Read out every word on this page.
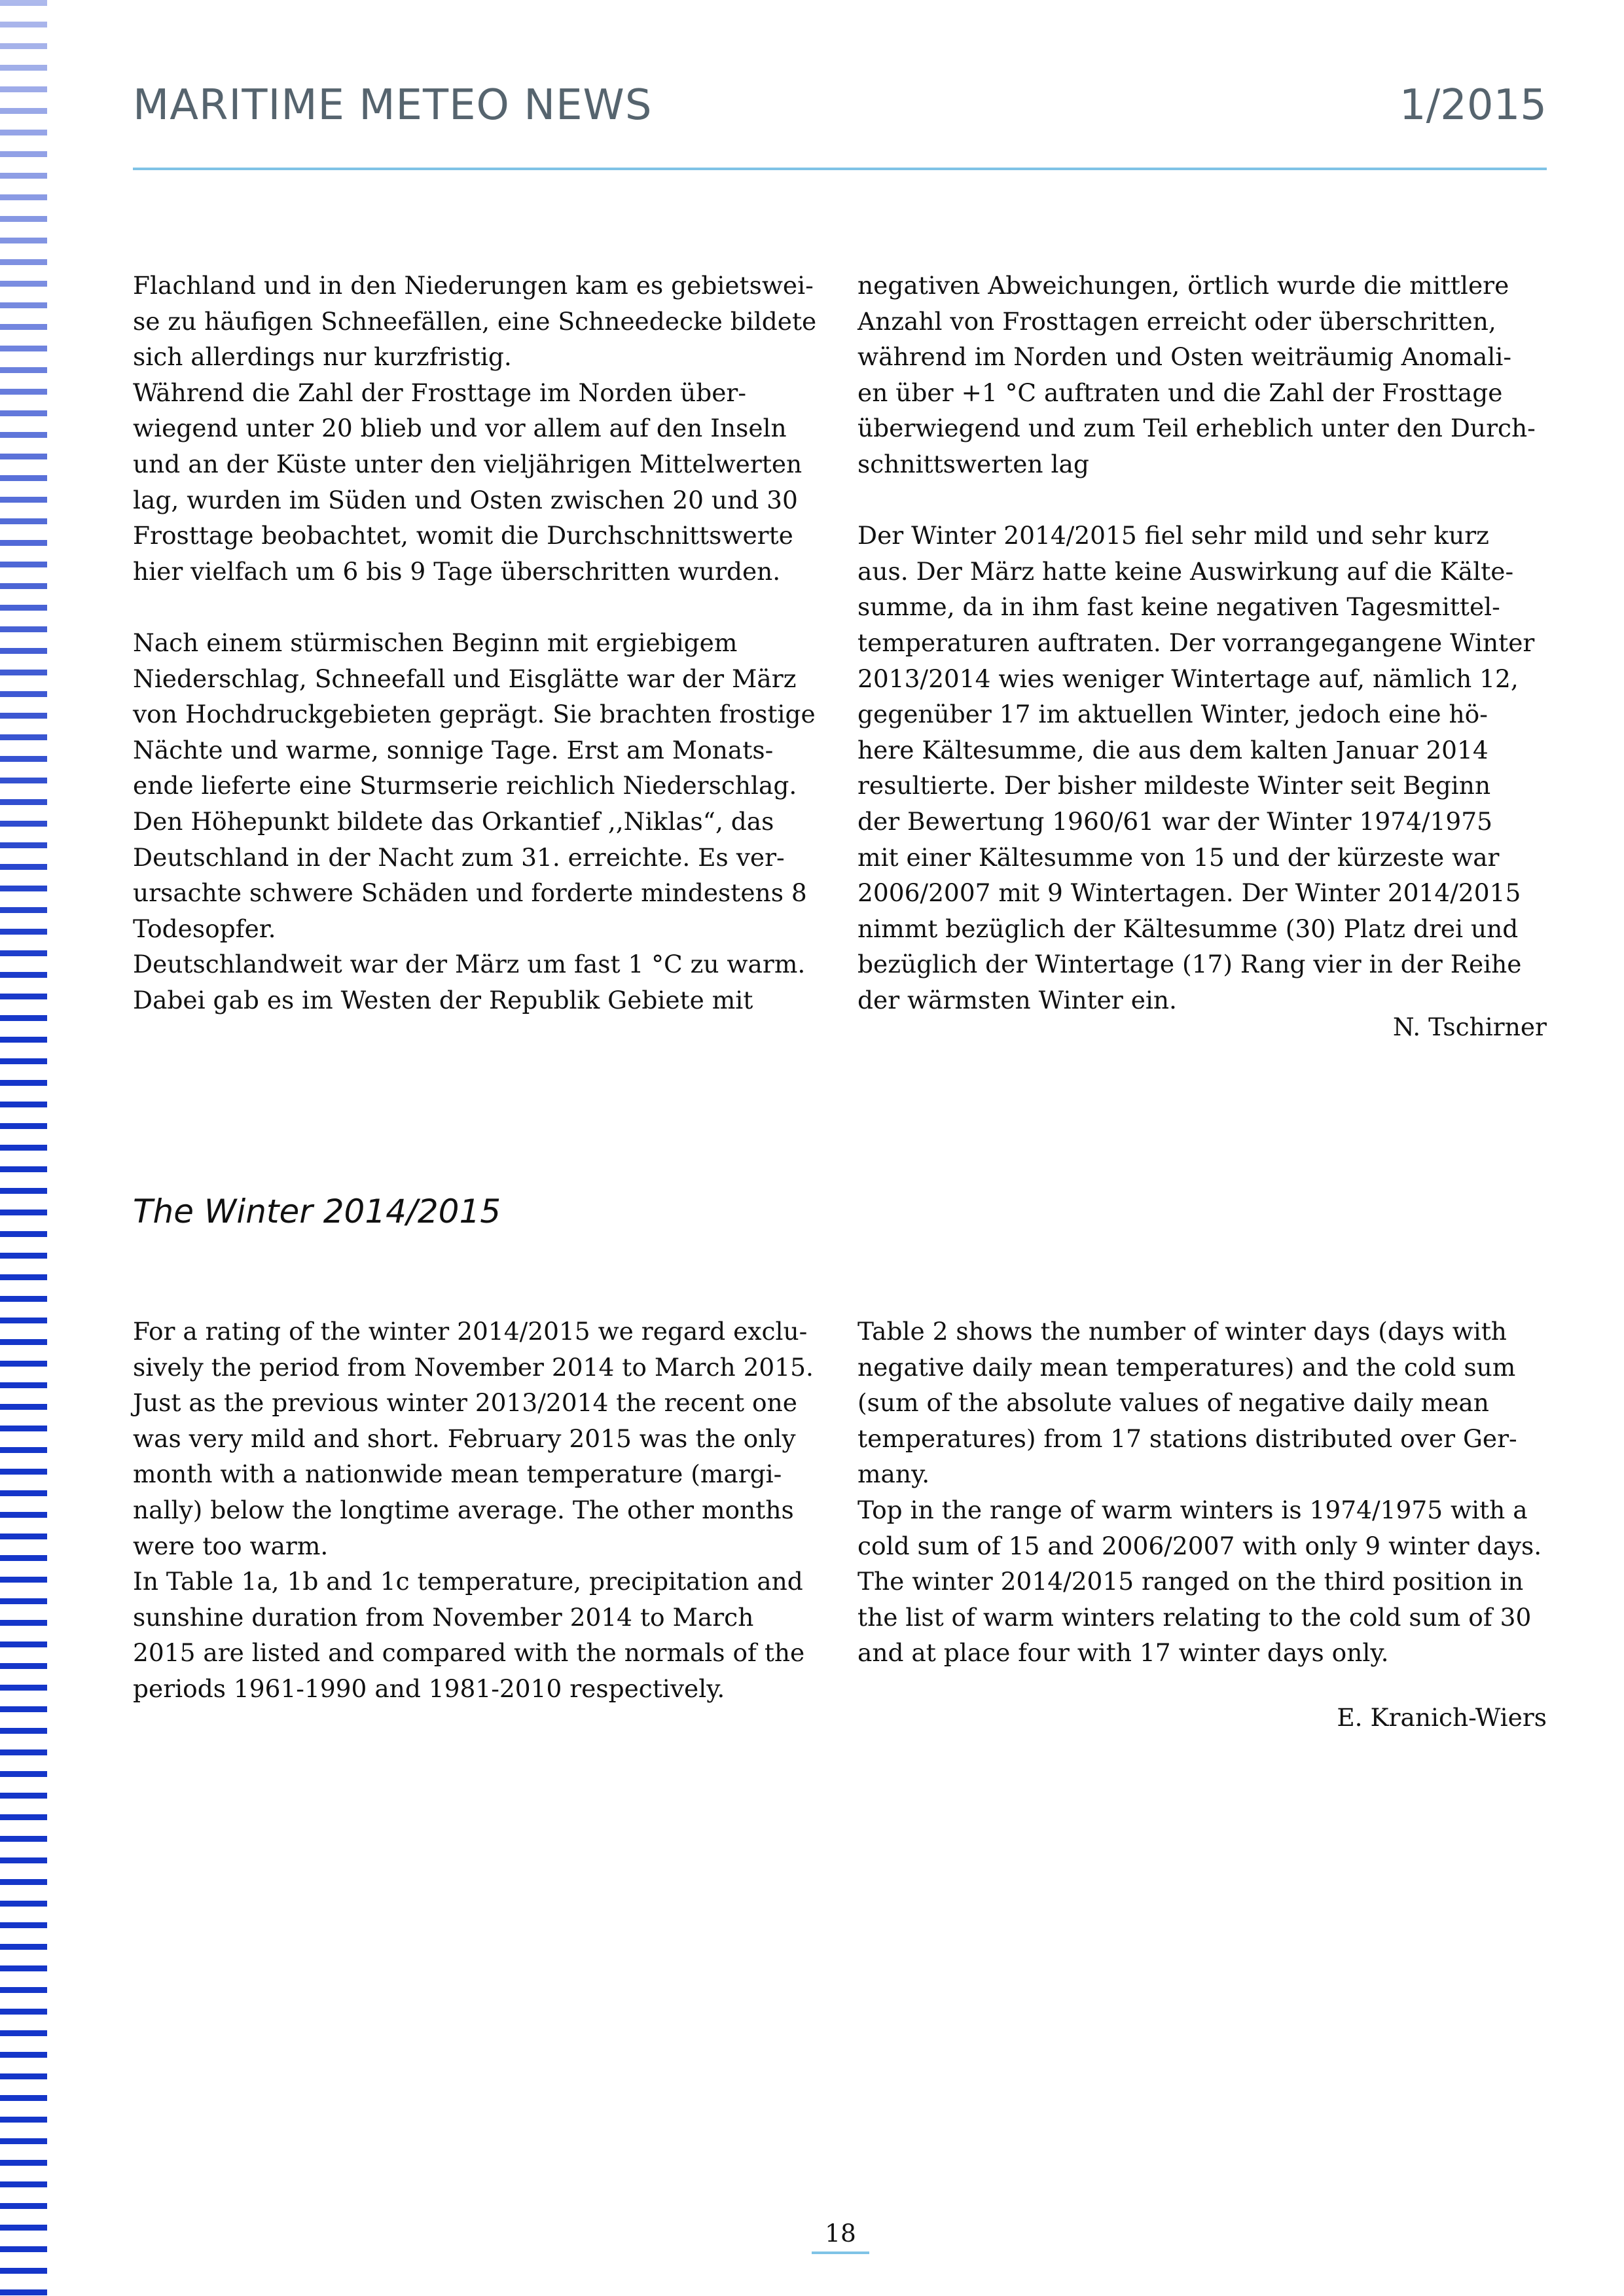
MARITIME METEO NEWS	1/2015
Flachland und in den Niederungen kam es gebietswei-
se zu häufigen Schneefällen, eine Schneedecke bildete
sich allerdings nur kurzfristig.
Während die Zahl der Frosttage im Norden über-
wiegend unter 20 blieb und vor allem auf den Inseln
und an der Küste unter den vieljährigen Mittelwerten
lag, wurden im Süden und Osten zwischen 20 und 30
Frosttage beobachtet, womit die Durchschnittswerte
hier vielfach um 6 bis 9 Tage überschritten wurden.
Nach einem stürmischen Beginn mit ergiebigem
Niederschlag, Schneefall und Eisglätte war der März
von Hochdruckgebieten geprägt. Sie brachten frostige
Nächte und warme, sonnige Tage. Erst am Monats-
ende lieferte eine Sturmserie reichlich Niederschlag.
Den Höhepunkt bildete das Orkantief ,,Niklas“, das
Deutschland in der Nacht zum 31. erreichte. Es ver-
ursachte schwere Schäden und forderte mindestens 8
Todesopfer.
Deutschlandweit war der März um fast 1 °C zu warm.
Dabei gab es im Westen der Republik Gebiete mit
negativen Abweichungen, örtlich wurde die mittlere
Anzahl von Frosttagen erreicht oder überschritten,
während im Norden und Osten weiträumig Anomali-
en über +1 °C auftraten und die Zahl der Frosttage
überwiegend und zum Teil erheblich unter den Durch-
schnittswerten lag
Der Winter 2014/2015 fiel sehr mild und sehr kurz
aus. Der März hatte keine Auswirkung auf die Kälte-
summe, da in ihm fast keine negativen Tagesmittel-
temperaturen auftraten. Der vorrangegangene Winter
2013/2014 wies weniger Wintertage auf, nämlich 12,
gegenüber 17 im aktuellen Winter, jedoch eine hö-
here Kältesumme, die aus dem kalten Januar 2014
resultierte. Der bisher mildeste Winter seit Beginn
der Bewertung 1960/61 war der Winter 1974/1975
mit einer Kältesumme von 15 und der kürzeste war
2006/2007 mit 9 Wintertagen. Der Winter 2014/2015
nimmt bezüglich der Kältesumme (30) Platz drei und
bezüglich der Wintertage (17) Rang vier in der Reihe
der wärmsten Winter ein.
N. Tschirner
The Winter 2014/2015
For a rating of the winter 2014/2015 we regard exclu-
sively the period from November 2014 to March 2015.
Just as the previous winter 2013/2014 the recent one
was very mild and short. February 2015 was the only
month with a nationwide mean temperature (margi-
nally) below the longtime average. The other months
were too warm.
In Table 1a, 1b and 1c temperature, precipitation and
sunshine duration from November 2014 to March
2015 are listed and compared with the normals of the
periods 1961-1990 and 1981-2010 respectively.
Table 2 shows the number of winter days (days with
negative daily mean temperatures) and the cold sum
(sum of the absolute values of negative daily mean
temperatures) from 17 stations distributed over Ger-
many.
Top in the range of warm winters is 1974/1975 with a
cold sum of 15 and 2006/2007 with only 9 winter days.
The winter 2014/2015 ranged on the third position in
the list of warm winters relating to the cold sum of 30
and at place four with 17 winter days only.
E. Kranich-Wiers
18
